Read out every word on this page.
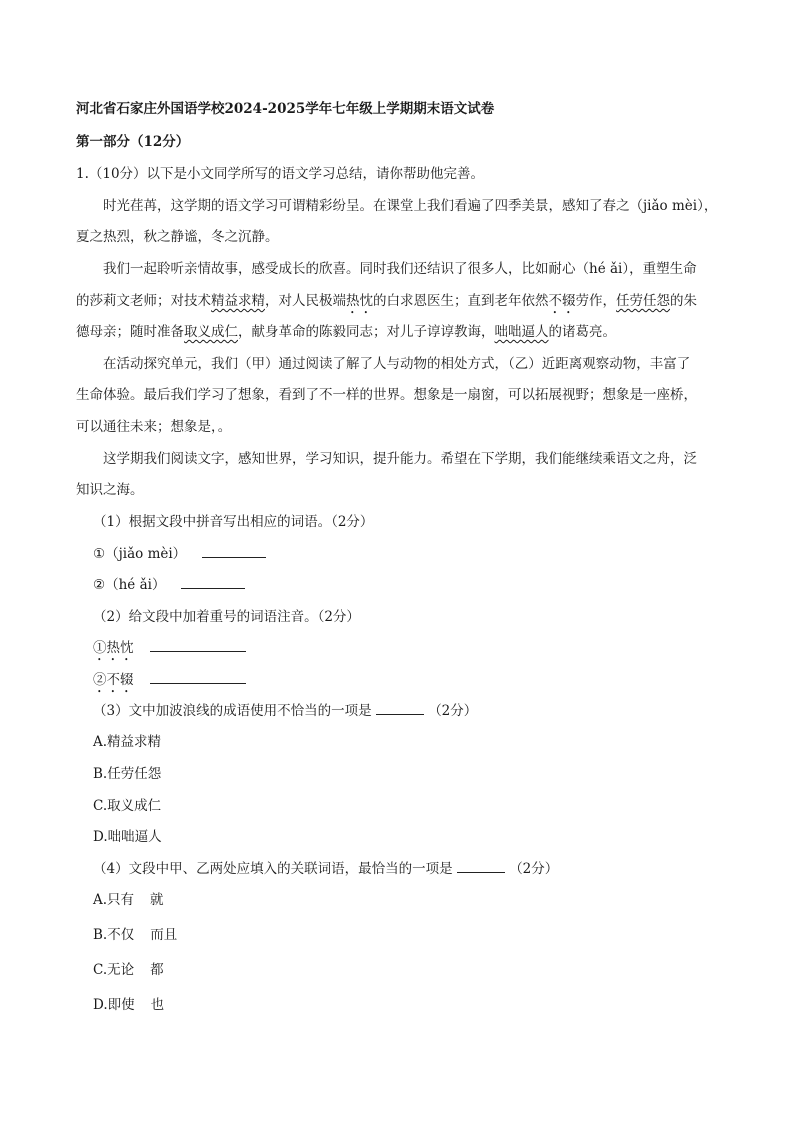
河北省石家庄外国语学校2024-2025学年七年级上学期期末语文试卷
第一部分（12分）
1.（10分）以下是小文同学所写的语文学习总结，请你帮助他完善。
时光荏苒，这学期的语文学习可谓精彩纷呈。在课堂上我们看遍了四季美景，感知了春之（jiǎo mèi），
夏之热烈，秋之静谧，冬之沉静。
我们一起聆听亲情故事，感受成长的欣喜。同时我们还结识了很多人，比如耐心（hé ǎi），重塑生命
的莎莉文老师；对技术精益求精，对人民极端热忱的白求恩医生；直到老年依然不辍劳作，任劳任怨的朱
德母亲；随时准备取义成仁，献身革命的陈毅同志；对儿子谆谆教诲，咄咄逼人的诸葛亮。
在活动探究单元，我们（甲）通过阅读了解了人与动物的相处方式，（乙）近距离观察动物，丰富了
生命体验。最后我们学习了想象，看到了不一样的世界。想象是一扇窗，可以拓展视野；想象是一座桥，
可以通往未来；想象是，。
这学期我们阅读文字，感知世界，学习知识，提升能力。希望在下学期，我们能继续乘语文之舟，泛
知识之海。
（1）根据文段中拼音写出相应的词语。（2分）
①（jiǎo mèi）
②（hé ǎi）
（2）给文段中加着重号的词语注音。（2分）
①热忱
②不辍
（3）文中加波浪线的成语使用不恰当的一项是	（2分）
A.精益求精
B.任劳任怨
C.取义成仁
D.咄咄逼人
（4）文段中甲、乙两处应填入的关联词语，最恰当的一项是	（2分）
A.只有 就
B.不仅 而且
C.无论 都
D.即使 也
